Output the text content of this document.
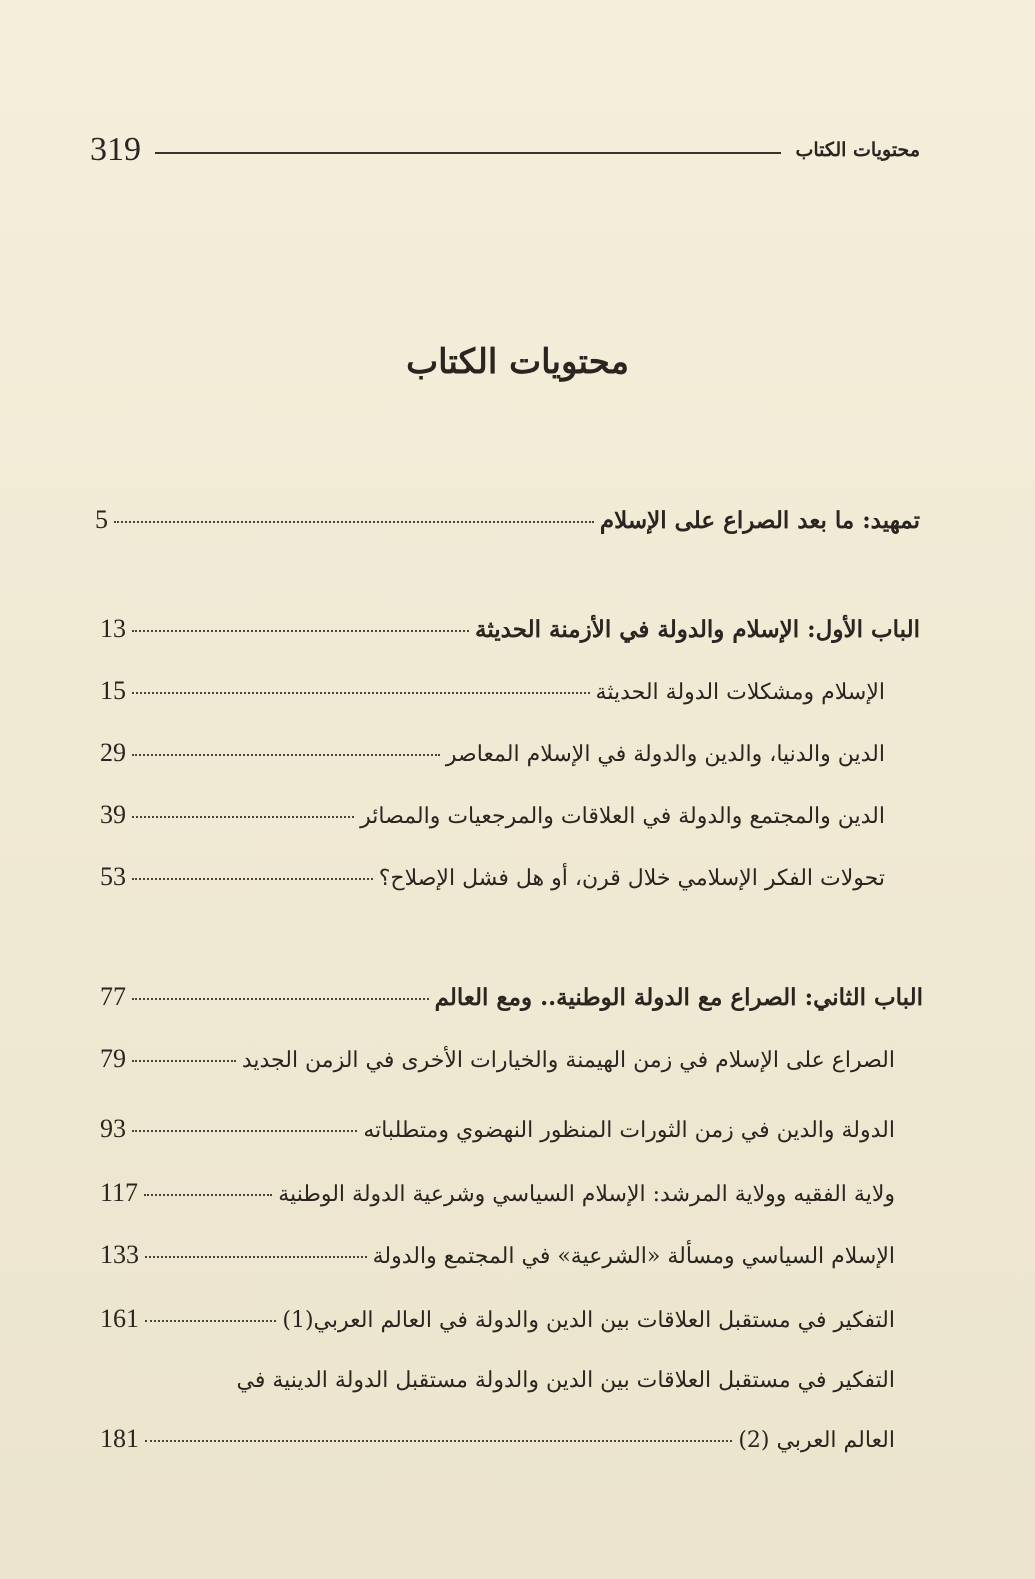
319	محتويات الكتاب
محتويات الكتاب
تمهيد: ما بعد الصراع على الإسلام
5
الباب الأول: الإسلام والدولة في الأزمنة الحديثة
13
الإسلام ومشكلات الدولة الحديثة
15
الدين والدنيا، والدين والدولة في الإسلام المعاصر
29
الدين والمجتمع والدولة في العلاقات والمرجعيات والمصائر
39
تحولات الفكر الإسلامي خلال قرن، أو هل فشل الإصلاح؟
53
الباب الثاني: الصراع مع الدولة الوطنية.. ومع العالم
77
الصراع على الإسلام في زمن الهيمنة والخيارات الأخرى في الزمن الجديد
79
الدولة والدين في زمن الثورات المنظور النهضوي ومتطلباته
93
ولاية الفقيه وولاية المرشد: الإسلام السياسي وشرعية الدولة الوطنية
117
الإسلام السياسي ومسألة «الشرعية» في المجتمع والدولة
133
التفكير في مستقبل العلاقات بين الدين والدولة في العالم العربي(1)
161
التفكير في مستقبل العلاقات بين الدين والدولة مستقبل الدولة الدينية في
العالم العربي (2)
181
